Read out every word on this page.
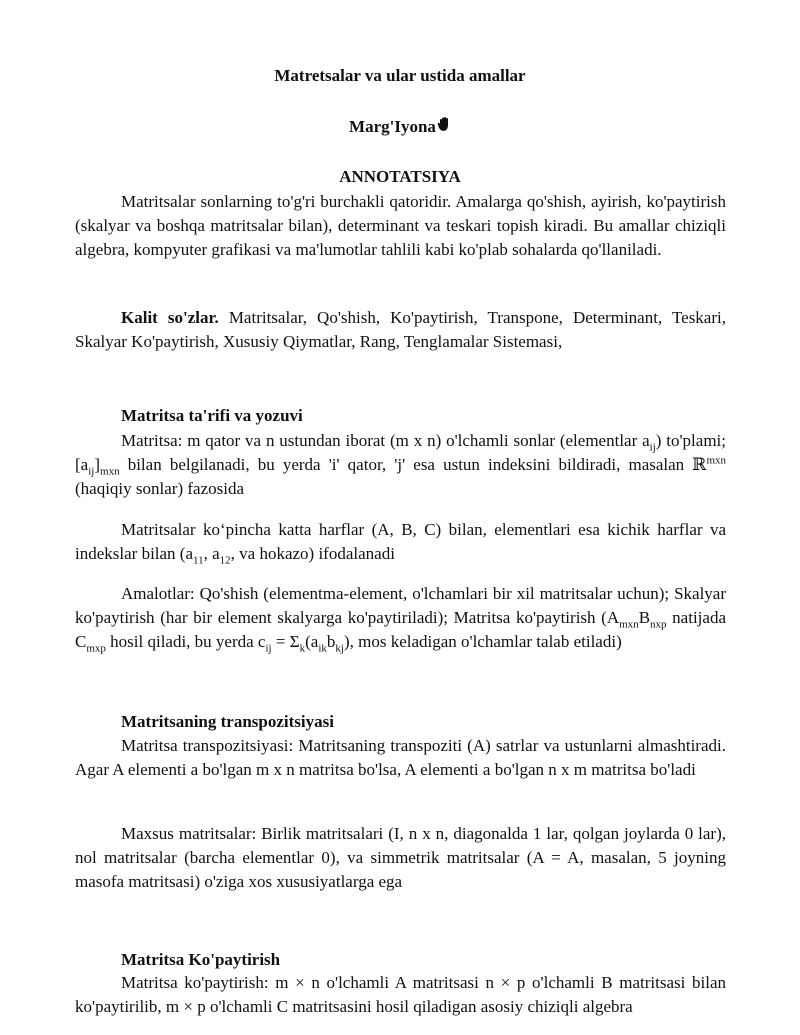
Matretsalar va ular ustida amallar
Marg'Iyona
ANNOTATSIYA

Matritsalar sonlarning to'g'ri burchakli qatoridir. Amalarga qo'shish, ayirish, ko'paytirish (skalyar va boshqa matritsalar bilan), determinant va teskari topish kiradi. Bu amallar chiziqli algebra, kompyuter grafikasi va ma'lumotlar tahlili kabi ko'plab sohalarda qo'llaniladi.

Kalit so'zlar. Matritsalar, Qo'shish, Ko'paytirish, Transpone, Determinant, Teskari, Skalyar Ko'paytirish, Xususiy Qiymatlar, Rang, Tenglamalar Sistemasi,

Matritsa ta'rifi va yozuvi

Matritsa: m qator va n ustundan iborat (m x n) o'lchamli sonlar (elementlar $a_{ij}$) to'plami; $[a_{ij}]_{mxn}$ bilan belgilanadi, bu yerda 'i' qator, 'j' esa ustun indeksini bildiradi, masalan ℝ$^{mxn}$ (haqiqiy sonlar) fazosida

Matritsalar ko‘pincha katta harflar (A, B, C) bilan, elementlari esa kichik harflar va indekslar bilan ($a_{11}$, $a_{12}$, va hokazo) ifodalanadi

Amalotlar: Qo'shish (elementma-element, o'lchamlari bir xil matritsalar uchun); Skalyar ko'paytirish (har bir element skalyarga ko'paytiriladi); Matritsa ko'paytirish ($A_{mxn}B_{nxp}$ natijada $C_{mxp}$ hosil qiladi, bu yerda $c_{ij} = \Sigma_k(a_{ik}b_{kj})$, mos keladigan o'lchamlar talab etiladi)

Matritsaning transpozitsiyasi

Matritsa transpozitsiyasi: Matritsaning transpoziti (A) satrlar va ustunlarni almashtiradi. Agar A elementi a bo'lgan m x n matritsa bo'lsa, A elementi a bo'lgan n x m matritsa bo'ladi

Maxsus matritsalar: Birlik matritsalari (I, n x n, diagonalda 1 lar, qolgan joylarda 0 lar), nol matritsalar (barcha elementlar 0), va simmetrik matritsalar (A = A, masalan, 5 joyning masofa matritsasi) o'ziga xos xususiyatlarga ega

Matritsa Ko'paytirish

Matritsa ko'paytirish: m × n o'lchamli A matritsasi n × p o'lchamli B matritsasi bilan ko'paytirilib, m × p o'lchamli C matritsasini hosil qiladigan asosiy chiziqli algebra
